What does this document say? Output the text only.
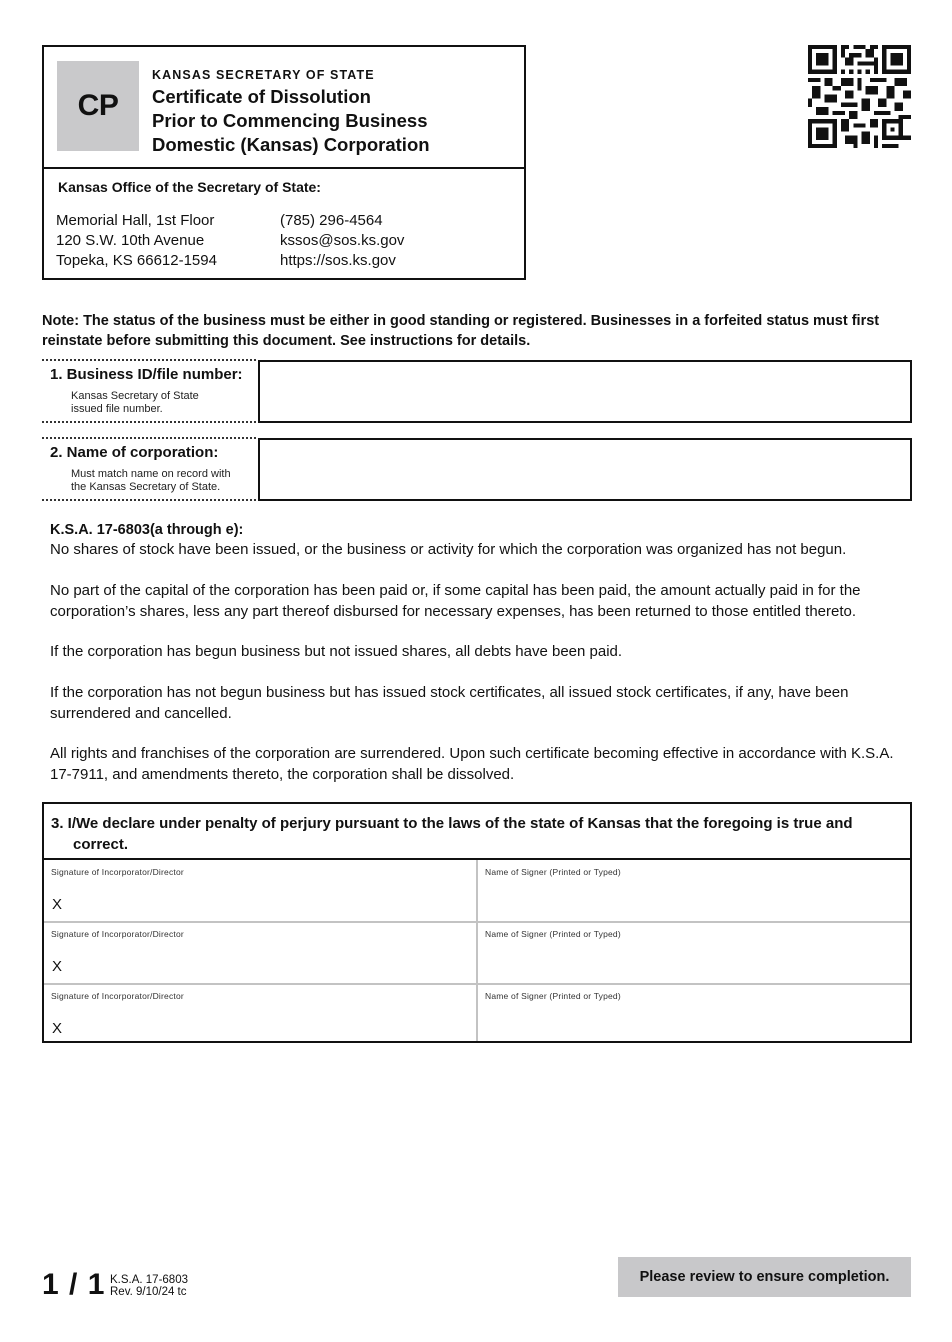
CP
KANSAS SECRETARY OF STATE
Certificate of Dissolution
Prior to Commencing Business
Domestic (Kansas) Corporation
Kansas Office of the Secretary of State:
Memorial Hall, 1st Floor
120 S.W. 10th Avenue
Topeka, KS 66612-1594
(785) 296-4564
kssos@sos.ks.gov
https://sos.ks.gov
Note: The status of the business must be either in good standing or registered. Businesses in a forfeited status must first reinstate before submitting this document. See instructions for details.
1. Business ID/file number:
Kansas Secretary of State
issued file number.
2. Name of corporation:
Must match name on record with
the Kansas Secretary of State.
K.S.A. 17-6803(a through e):
No shares of stock have been issued, or the business or activity for which the corporation was organized has not begun.
No part of the capital of the corporation has been paid or, if some capital has been paid, the amount actually paid in for the corporation’s shares, less any part thereof disbursed for necessary expenses, has been returned to those entitled thereto.
If the corporation has begun business but not issued shares, all debts have been paid.
If the corporation has not begun business but has issued stock certificates, all issued stock certificates, if any, have been surrendered and cancelled.
All rights and franchises of the corporation are surrendered. Upon such certificate becoming effective in accordance with K.S.A. 17-7911, and amendments thereto, the corporation shall be dissolved.
3. I/We declare under penalty of perjury pursuant to the laws of the state of Kansas that the foregoing is true and correct.
Signature of Incorporator/Director
X
Name of Signer (Printed or Typed)
Signature of Incorporator/Director
X
Name of Signer (Printed or Typed)
Signature of Incorporator/Director
X
Name of Signer (Printed or Typed)
1 / 1 K.S.A. 17-6803
Rev. 9/10/24 tc
Please review to ensure completion.
